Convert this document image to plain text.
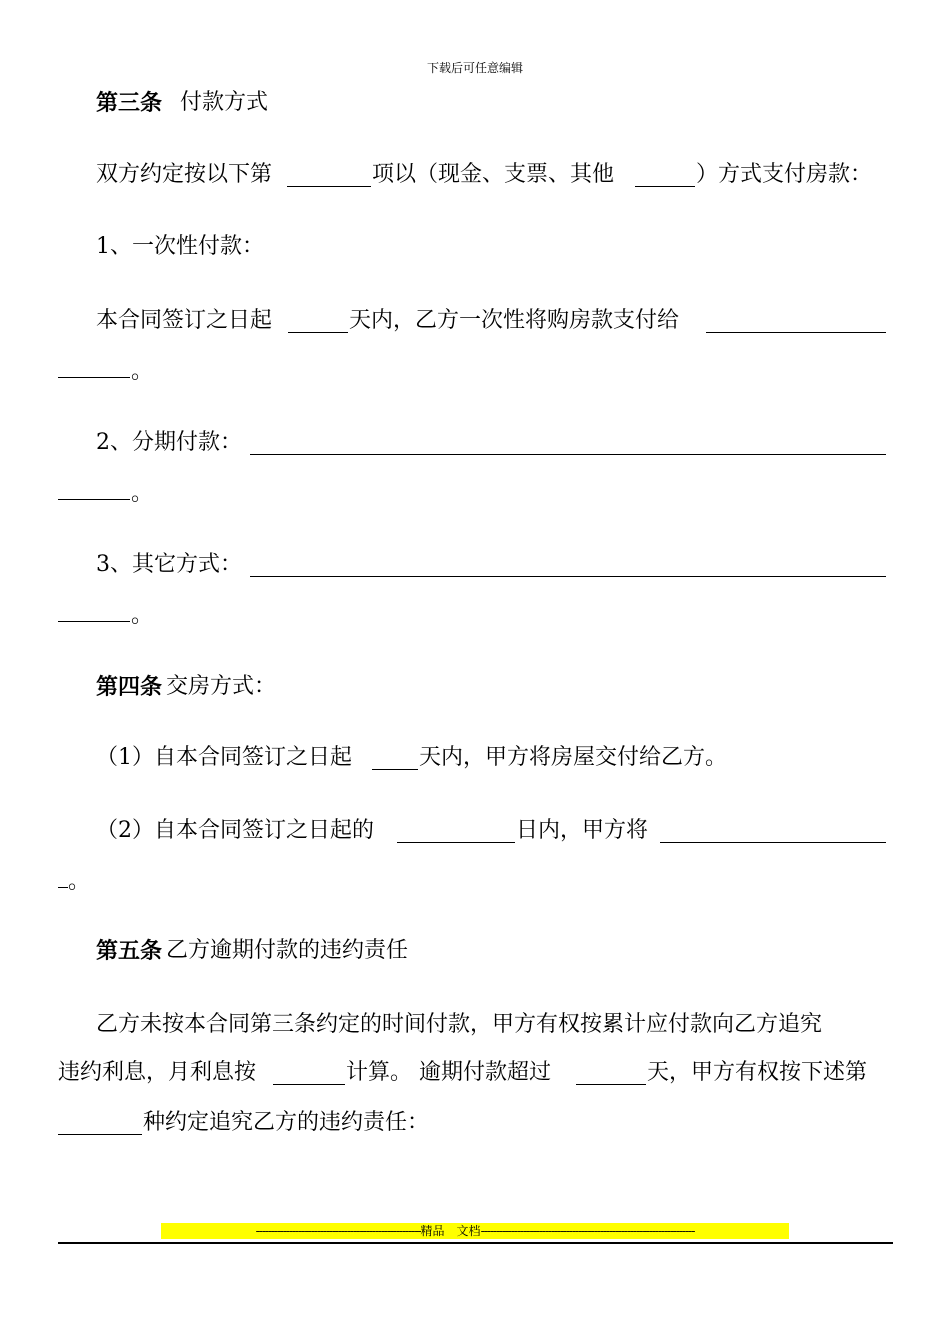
下载后可任意编辑
第三条 付款方式
双方约定按以下第	项以（现金、支票、其他	）方式支付房款：
1、一次性付款：
本合同签订之日起	天内，乙方一次性将购房款支付给
。
2、分期付款：
。
3、其它方式：
。
第四条 交房方式：
（1）自本合同签订之日起	天内，甲方将房屋交付给乙方。
（2）自本合同签订之日起的	日内，甲方将
。
第五条 乙方逾期付款的违约责任
乙方未按本合同第三条约定的时间付款，甲方有权按累计应付款向乙方追究
违约利息，月利息按	计算。 逾期付款超过	天，甲方有权按下述第
种约定追究乙方的违约责任：
------------------------------------------------------精品　文档----------------------------------------------------------------------
